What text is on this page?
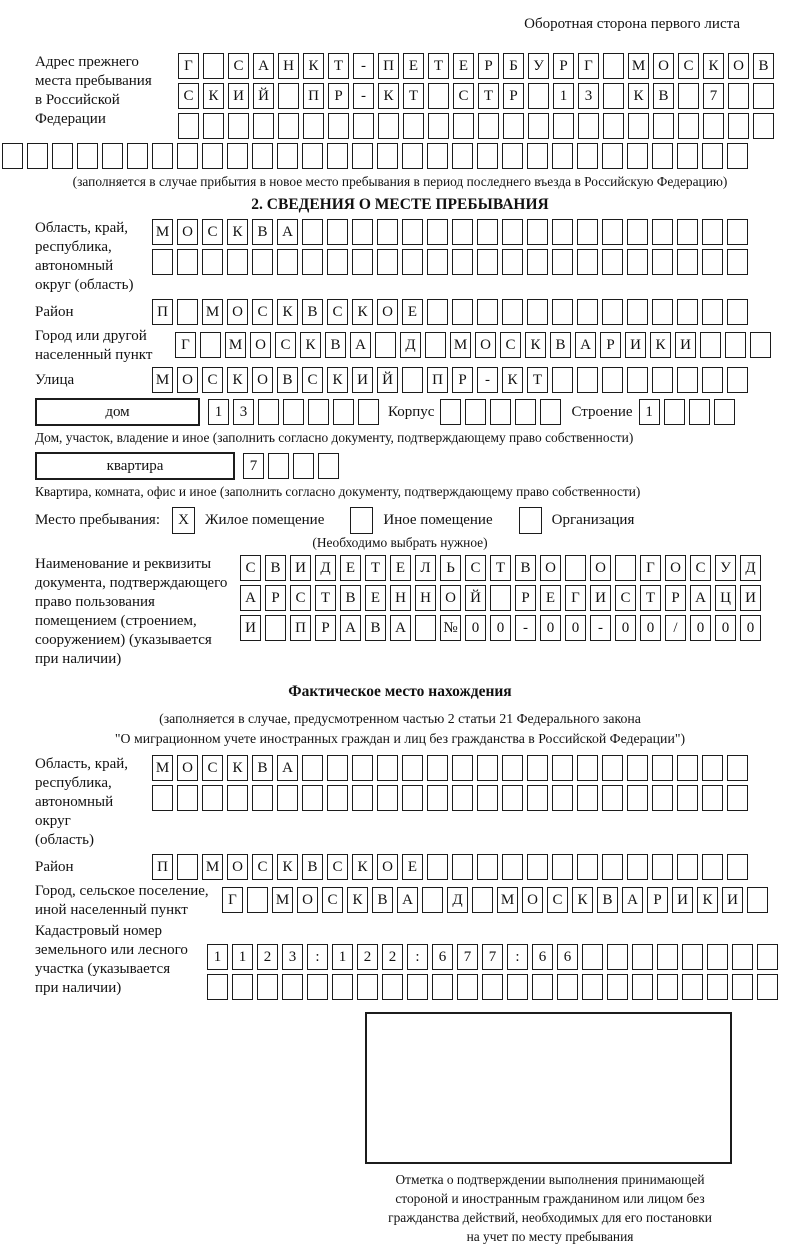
Оборотная сторона первого листа
Адрес прежнего
места пребывания
в Российской
Федерации
Г	С А Н К	Т	-	П Е	Т	Е	Р	Б	У	Р	Г	М О С К О В
С К И Й	П	Р	-	К	Т	С	Т	Р	1	3	К В	7
(заполняется в случае прибытия в новое место пребывания в период последнего въезда в Российскую Федерацию)
2. СВЕДЕНИЯ О МЕСТЕ ПРЕБЫВАНИЯ
Область, край,
республика,
автономный
округ (область)
М О С К В А
Район	П	М О С К В С К О Е
Город или другой
населенный пункт
Г	М О С К В А	Д	М О С К В А	Р	И К И
Улица	М О С К О В С К И Й	П	Р	-	К	Т
дом	1	3	Корпус	Строение 1
Дом, участок, владение и иное (заполнить согласно документу, подтверждающему право собственности)
квартира	7
Квартира, комната, офис и иное (заполнить согласно документу, подтверждающему право собственности)
Место пребывания:	X	Жилое помещение	Иное помещение	Организация
(Необходимо выбрать нужное)
Наименование и реквизиты
документа, подтверждающего
право пользования
помещением (строением,
сооружением) (указывается
при наличии)
С В И Д	Е	Т	Е	Л	Ь	С	Т	В О	О	Г	О С У Д
А	Р	С	Т	В	Е	Н Н О Й	Р	Е	Г	И С	Т	Р	А Ц И
И	П	Р	А В А	№ 0	0	-	0	0	-	0	0	/	0	0	0
Фактическое место нахождения
(заполняется в случае, предусмотренном частью 2 статьи 21 Федерального закона
"О миграционном учете иностранных граждан и лиц без гражданства в Российской Федерации")
Область, край,
республика,
автономный округ
(область)
М О С К В А
Район	П	М О С К В С К О Е
Город, сельское поселение,
иной населенный пункт
Г	М О С К В А	Д	М О С К В А	Р	И К И
Кадастровый номер
земельного или лесного
участка (указывается
при наличии)
1	1	2	3	:	1	2	2	:	6	7	7	:	6	6
Отметка о подтверждении выполнения принимающей
стороной и иностранным гражданином или лицом без
гражданства действий, необходимых для его постановки
на учет по месту пребывания
